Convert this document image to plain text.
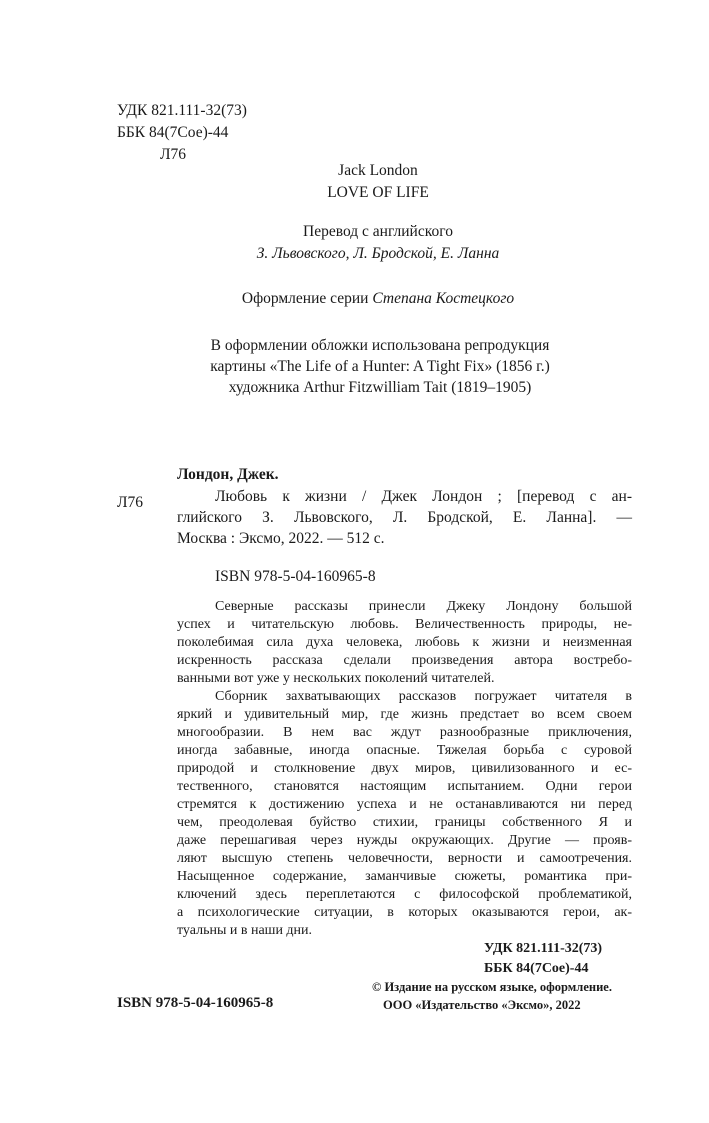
УДК 821.111-32(73)
ББК 84(7Сое)-44
Л76
Jack London
LOVE OF LIFE
Перевод с английского
З. Львовского, Л. Бродской, Е. Ланна
Оформление серии Степана Костецкого
В оформлении обложки использована репродукция
картины «The Life of a Hunter: A Tight Fix» (1856 г.)
художника Arthur Fitzwilliam Tait (1819–1905)
Лондон, Джек.
Л76	Любовь к жизни / Джек Лондон ; [перевод с ан-
глийского З. Львовского, Л. Бродской, Е. Ланна]. —
Москва : Эксмо, 2022. — 512 с.
ISBN 978-5-04-160965-8
Северные рассказы принесли Джеку Лондону большой
успех и читательскую любовь. Величественность природы, не-
поколебимая сила духа человека, любовь к жизни и неизменная
искренность рассказа сделали произведения автора востребо-
ванными вот уже у нескольких поколений читателей.
Сборник захватывающих рассказов погружает читателя в
яркий и удивительный мир, где жизнь предстает во всем своем
многообразии. В нем вас ждут разнообразные приключения,
иногда забавные, иногда опасные. Тяжелая борьба с суровой
природой и столкновение двух миров, цивилизованного и ес-
тественного, становятся настоящим испытанием. Одни герои
стремятся к достижению успеха и не останавливаются ни перед
чем, преодолевая буйство стихии, границы собственного Я и
даже перешагивая через нужды окружающих. Другие — прояв-
ляют высшую степень человечности, верности и самоотречения.
Насыщенное содержание, заманчивые сюжеты, романтика при-
ключений здесь переплетаются с философской проблематикой,
а психологические ситуации, в которых оказываются герои, ак-
туальны и в наши дни.
УДК 821.111-32(73)
ББК 84(7Сое)-44
© Издание на русском языке, оформление.
ООО «Издательство «Эксмо», 2022
ISBN 978-5-04-160965-8
